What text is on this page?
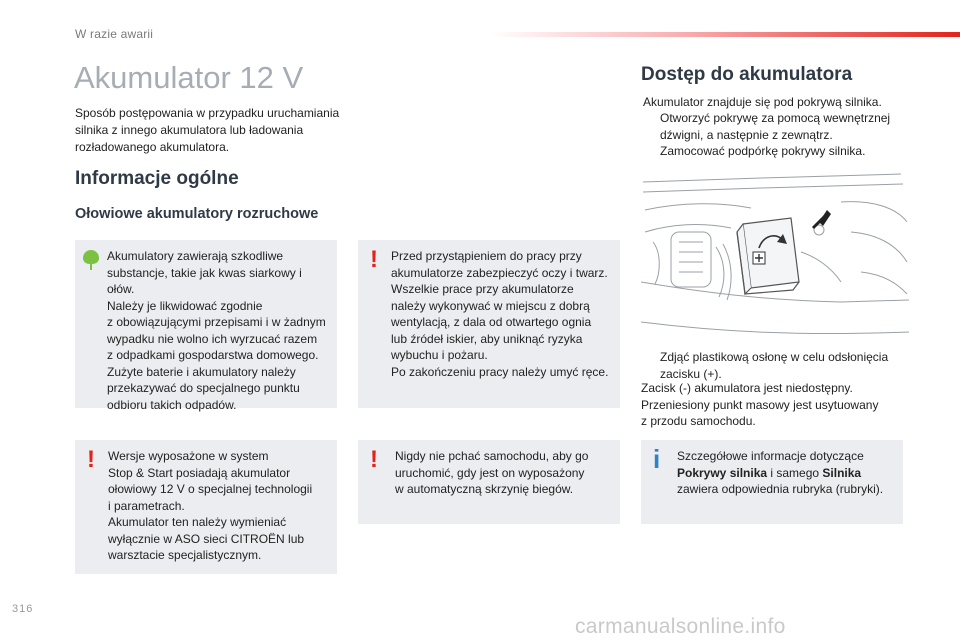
W razie awarii
Akumulator 12 V
Sposób postępowania w przypadku uruchamiania silnika z innego akumulatora lub ładowania rozładowanego akumulatora.
Informacje ogólne
Ołowiowe akumulatory rozruchowe
Akumulatory zawierają szkodliwe
substancje, takie jak kwas siarkowy i ołów.
Należy je likwidować zgodnie
z obowiązującymi przepisami i w żadnym
wypadku nie wolno ich wyrzucać razem
z odpadkami gospodarstwa domowego.
Zużyte baterie i akumulatory należy
przekazywać do specjalnego punktu
odbioru takich odpadów.
! Przed przystąpieniem do pracy przy
akumulatorze zabezpieczyć oczy i twarz.
Wszelkie prace przy akumulatorze
należy wykonywać w miejscu z dobrą
wentylacją, z dala od otwartego ognia
lub źródeł iskier, aby uniknąć ryzyka
wybuchu i pożaru.
Po zakończeniu pracy należy umyć ręce.
! Wersje wyposażone w system
Stop & Start posiadają akumulator
ołowiowy 12 V o specjalnej technologii
i parametrach.
Akumulator ten należy wymieniać
wyłącznie w ASO sieci CITROËN lub
warsztacie specjalistycznym.
! Nigdy nie pchać samochodu, aby go
uruchomić, gdy jest on wyposażony
w automatyczną skrzynię biegów.
Dostęp do akumulatora
Akumulator znajduje się pod pokrywą silnika.
Otworzyć pokrywę za pomocą wewnętrznej dźwigni, a następnie z zewnątrz.
Zamocować podpórkę pokrywy silnika.
Zdjąć plastikową osłonę w celu odsłonięcia zacisku (+).
Zacisk (-) akumulatora jest niedostępny.
Przeniesiony punkt masowy jest usytuowany
z przodu samochodu.
i Szczegółowe informacje dotyczące
Pokrywy silnika i samego Silnika
zawiera odpowiednia rubryka (rubryki).
316
carmanualsonline.info
